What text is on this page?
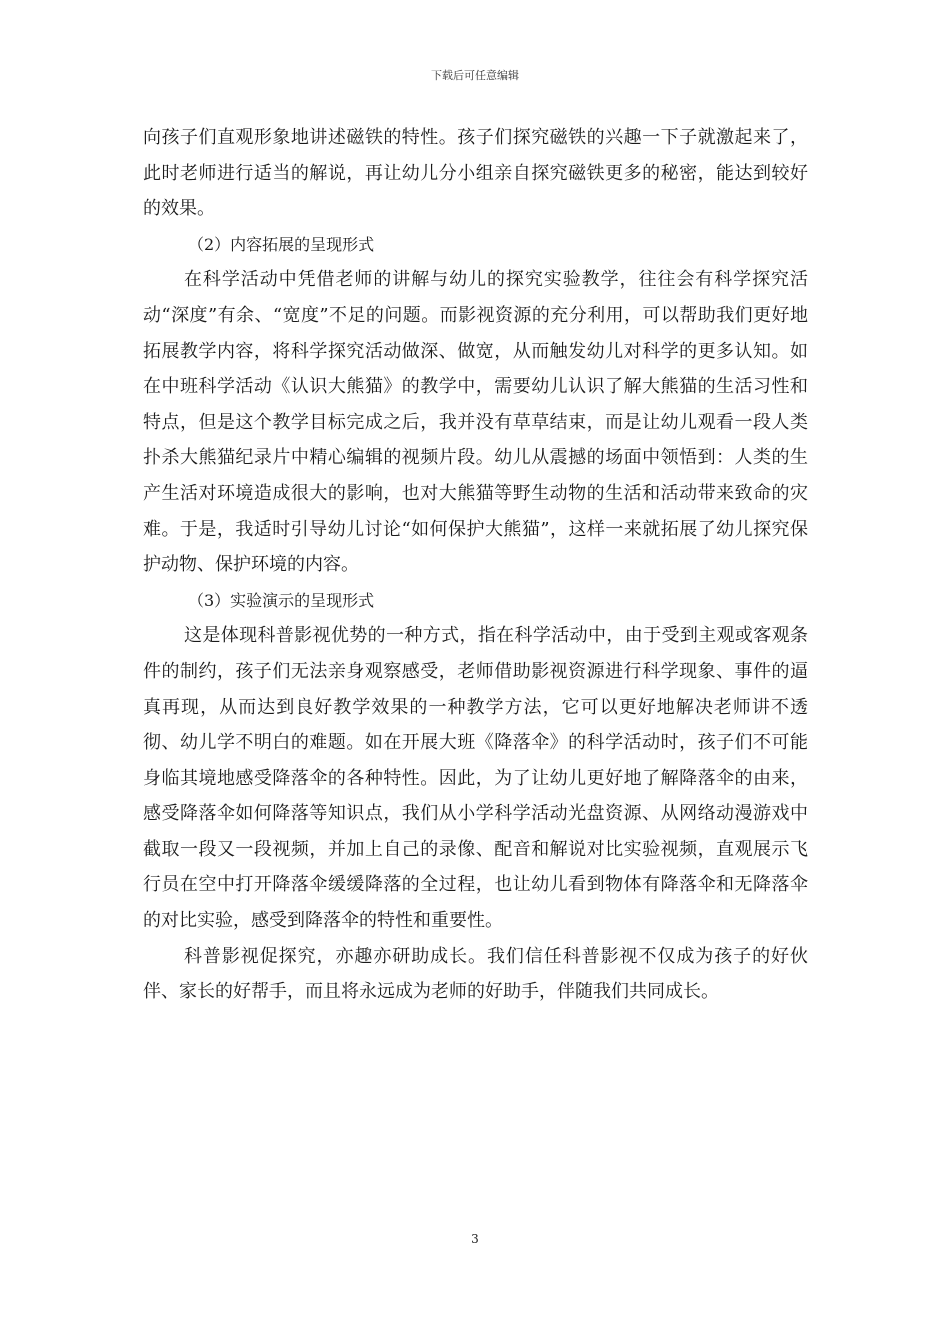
下载后可任意编辑

向孩子们直观形象地讲述磁铁的特性。孩子们探究磁铁的兴趣一下子就激起来了，此时老师进行适当的解说，再让幼儿分小组亲自探究磁铁更多的秘密，能达到较好的效果。

（2）内容拓展的呈现形式

在科学活动中凭借老师的讲解与幼儿的探究实验教学，往往会有科学探究活动“深度”有余、“宽度”不足的问题。而影视资源的充分利用，可以帮助我们更好地拓展教学内容，将科学探究活动做深、做宽，从而触发幼儿对科学的更多认知。如在中班科学活动《认识大熊猫》的教学中，需要幼儿认识了解大熊猫的生活习性和特点，但是这个教学目标完成之后，我并没有草草结束，而是让幼儿观看一段人类扑杀大熊猫纪录片中精心编辑的视频片段。幼儿从震撼的场面中领悟到：人类的生产生活对环境造成很大的影响，也对大熊猫等野生动物的生活和活动带来致命的灾难。于是，我适时引导幼儿讨论“如何保护大熊猫”，这样一来就拓展了幼儿探究保护动物、保护环境的内容。

（3）实验演示的呈现形式

这是体现科普影视优势的一种方式，指在科学活动中，由于受到主观或客观条件的制约，孩子们无法亲身观察感受，老师借助影视资源进行科学现象、事件的逼真再现，从而达到良好教学效果的一种教学方法，它可以更好地解决老师讲不透彻、幼儿学不明白的难题。如在开展大班《降落伞》的科学活动时，孩子们不可能身临其境地感受降落伞的各种特性。因此，为了让幼儿更好地了解降落伞的由来，感受降落伞如何降落等知识点，我们从小学科学活动光盘资源、从网络动漫游戏中截取一段又一段视频，并加上自己的录像、配音和解说对比实验视频，直观展示飞行员在空中打开降落伞缓缓降落的全过程，也让幼儿看到物体有降落伞和无降落伞的对比实验，感受到降落伞的特性和重要性。

科普影视促探究，亦趣亦研助成长。我们信任科普影视不仅成为孩子的好伙伴、家长的好帮手，而且将永远成为老师的好助手，伴随我们共同成长。

3
